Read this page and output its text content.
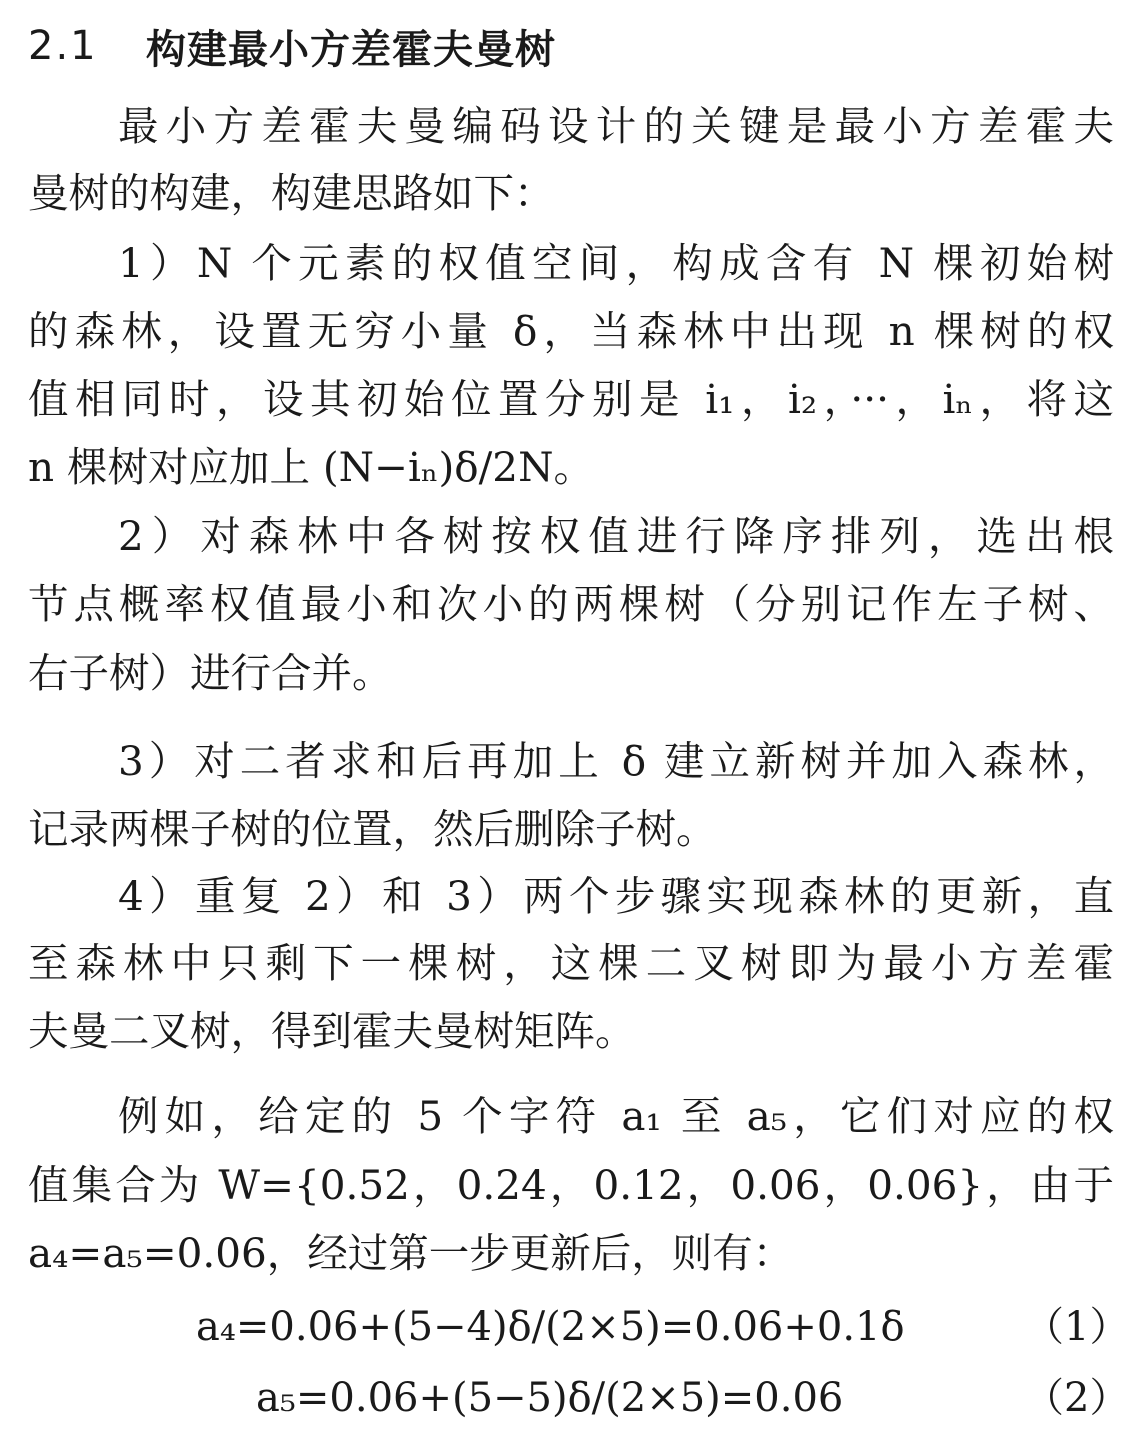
2.1	构建最小方差霍夫曼树
最小方差霍夫曼编码设计的关键是最小方差霍夫
曼树的构建，构建思路如下：
1）N 个元素的权值空间，构成含有 N 棵初始树
的森林，设置无穷小量 δ，当森林中出现 n 棵树的权
值相同时，设其初始位置分别是 i₁，i₂，···，iₙ，将这
n 棵树对应加上 (N−iₙ)δ/2N。
2）对森林中各树按权值进行降序排列，选出根
节点概率权值最小和次小的两棵树（分别记作左子树、
右子树）进行合并。
3）对二者求和后再加上 δ 建立新树并加入森林，
记录两棵子树的位置，然后删除子树。
4）重复 2）和 3）两个步骤实现森林的更新，直
至森林中只剩下一棵树，这棵二叉树即为最小方差霍
夫曼二叉树，得到霍夫曼树矩阵。
例如，给定的 5 个字符 a₁ 至 a₅，它们对应的权
值集合为 W={0.52，0.24，0.12，0.06，0.06}，由于
a₄=a₅=0.06，经过第一步更新后，则有：
a₄=0.06+(5−4)δ/(2×5)=0.06+0.1δ	（1）
a₅=0.06+(5−5)δ/(2×5)=0.06	（2）
